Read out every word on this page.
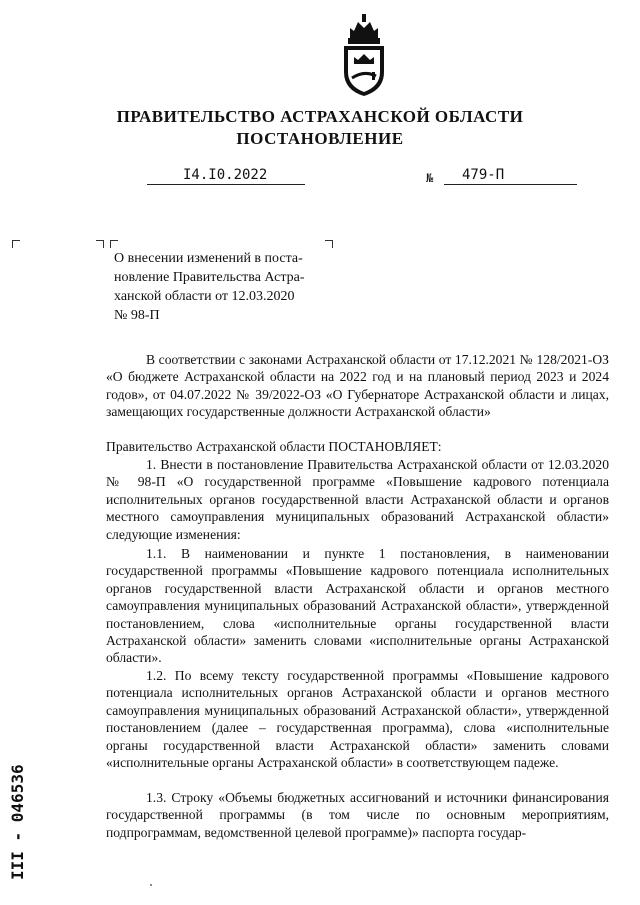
ПРАВИТЕЛЬСТВО АСТРАХАНСКОЙ ОБЛАСТИ
ПОСТАНОВЛЕНИЕ
I4.I0.2022	№ 479-П
О внесении изменений в поста-
новление Правительства Астра-
ханской области от 12.03.2020
№ 98-П
В соответствии с законами Астраханской области от 17.12.2021 № 128/2021-ОЗ «О бюджете Астраханской области на 2022 год и на плановый период 2023 и 2024 годов», от 04.07.2022 № 39/2022-ОЗ «О Губернаторе Астраханской области и лицах, замещающих государственные должности Астраханской области»
Правительство Астраханской области ПОСТАНОВЛЯЕТ:
1. Внести в постановление Правительства Астраханской области от 12.03.2020 № 98-П «О государственной программе «Повышение кадрового потенциала исполнительных органов государственной власти Астраханской области и органов местного самоуправления муниципальных образований Астраханской области» следующие изменения:
1.1. В наименовании и пункте 1 постановления, в наименовании государственной программы «Повышение кадрового потенциала исполнительных органов государственной власти Астраханской области и органов местного самоуправления муниципальных образований Астраханской области», утвержденной постановлением, слова «исполнительные органы государственной власти Астраханской области» заменить словами «исполнительные органы Астраханской области».
1.2. По всему тексту государственной программы «Повышение кадрового потенциала исполнительных органов Астраханской области и органов местного самоуправления муниципальных образований Астраханской области», утвержденной постановлением (далее – государственная программа), слова «исполнительные органы государственной власти Астраханской области» заменить словами «исполнительные органы Астраханской области» в соответствующем падеже.
1.3. Строку «Объемы бюджетных ассигнований и источники финансирования государственной программы (в том числе по основным мероприятиям, подпрограммам, ведомственной целевой программе)» паспорта государ-
III - 046536
